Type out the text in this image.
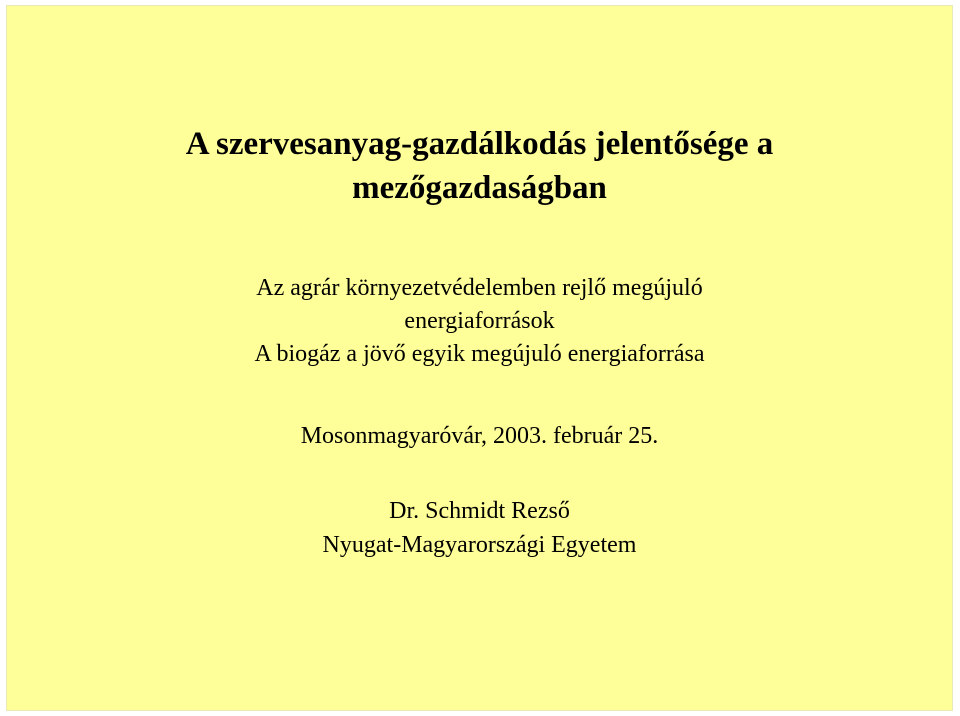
A szervesanyag-gazdálkodás jelentősége a
mezőgazdaságban
Az agrár környezetvédelemben rejlő megújuló
energiaforrások
A biogáz a jövő egyik megújuló energiaforrása
Mosonmagyaróvár, 2003. február 25.
Dr. Schmidt Rezső
Nyugat-Magyarországi Egyetem
